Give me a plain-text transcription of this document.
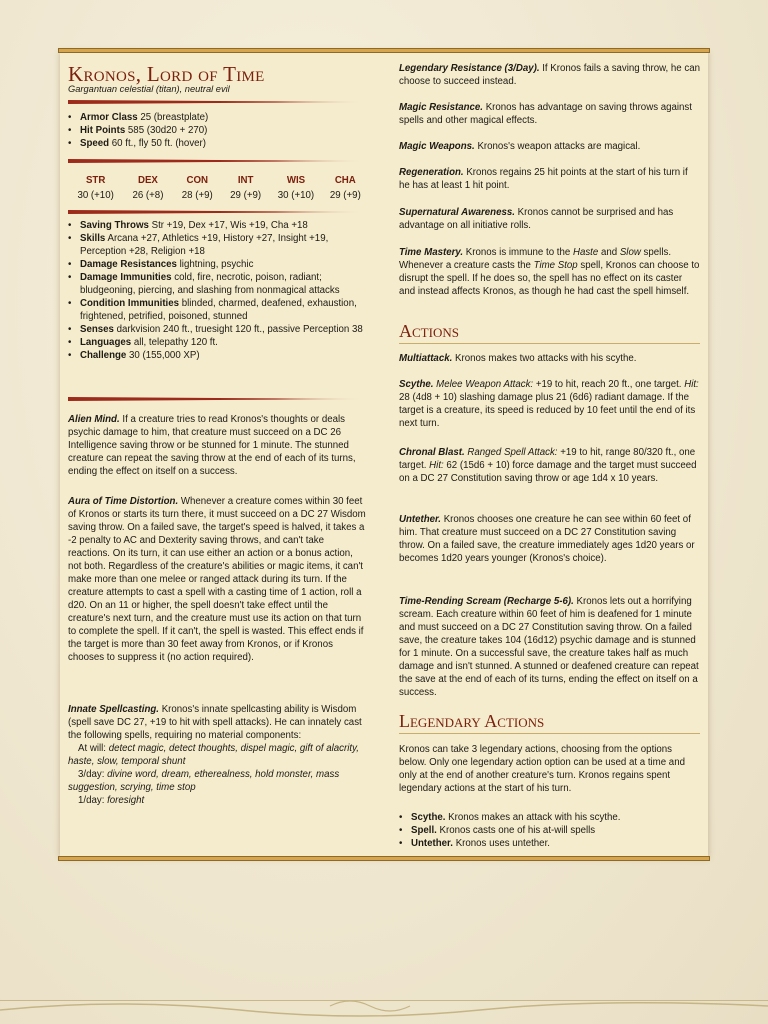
Kronos, Lord of Time
Gargantuan celestial (titan), neutral evil
• Armor Class 25 (breastplate)
• Hit Points 585 (30d20 + 270)
• Speed 60 ft., fly 50 ft. (hover)
STR	DEX	CON	INT	WIS	CHA
30 (+10)	26 (+8)	28 (+9)	29 (+9)	30 (+10)	29 (+9)
• Saving Throws Str +19, Dex +17, Wis +19, Cha +18
• Skills Arcana +27, Athletics +19, History +27, Insight +19, Perception +28, Religion +18
• Damage Resistances lightning, psychic
• Damage Immunities cold, fire, necrotic, poison, radiant; bludgeoning, piercing, and slashing from nonmagical attacks
• Condition Immunities blinded, charmed, deafened, exhaustion, frightened, petrified, poisoned, stunned
• Senses darkvision 240 ft., truesight 120 ft., passive Perception 38
• Languages all, telepathy 120 ft.
• Challenge 30 (155,000 XP)

Alien Mind. If a creature tries to read Kronos's thoughts or deals psychic damage to him, that creature must succeed on a DC 26 Intelligence saving throw or be stunned for 1 minute. The stunned creature can repeat the saving throw at the end of each of its turns, ending the effect on itself on a success.

Aura of Time Distortion. Whenever a creature comes within 30 feet of Kronos or starts its turn there, it must succeed on a DC 27 Wisdom saving throw. On a failed save, the target's speed is halved, it takes a -2 penalty to AC and Dexterity saving throws, and can't take reactions. On its turn, it can use either an action or a bonus action, not both. Regardless of the creature's abilities or magic items, it can't make more than one melee or ranged attack during its turn. If the creature attempts to cast a spell with a casting time of 1 action, roll a d20. On an 11 or higher, the spell doesn't take effect until the creature's next turn, and the creature must use its action on that turn to complete the spell. If it can't, the spell is wasted. This effect ends if the target is more than 30 feet away from Kronos, or if Kronos chooses to suppress it (no action required).

Innate Spellcasting. Kronos's innate spellcasting ability is Wisdom (spell save DC 27, +19 to hit with spell attacks). He can innately cast the following spells, requiring no material components:
At will: detect magic, detect thoughts, dispel magic, gift of alacrity, haste, slow, temporal shunt
3/day: divine word, dream, etherealness, hold monster, mass suggestion, scrying, time stop
1/day: foresight

Legendary Resistance (3/Day). If Kronos fails a saving throw, he can choose to succeed instead.

Magic Resistance. Kronos has advantage on saving throws against spells and other magical effects.

Magic Weapons. Kronos's weapon attacks are magical.

Regeneration. Kronos regains 25 hit points at the start of his turn if he has at least 1 hit point.

Supernatural Awareness. Kronos cannot be surprised and has advantage on all initiative rolls.

Time Mastery. Kronos is immune to the Haste and Slow spells. Whenever a creature casts the Time Stop spell, Kronos can choose to disrupt the spell. If he does so, the spell has no effect on its caster and instead affects Kronos, as though he had cast the spell himself.

Actions

Multiattack. Kronos makes two attacks with his scythe.

Scythe. Melee Weapon Attack: +19 to hit, reach 20 ft., one target. Hit: 28 (4d8 + 10) slashing damage plus 21 (6d6) radiant damage. If the target is a creature, its speed is reduced by 10 feet until the end of its next turn.

Chronal Blast. Ranged Spell Attack: +19 to hit, range 80/320 ft., one target. Hit: 62 (15d6 + 10) force damage and the target must succeed on a DC 27 Constitution saving throw or age 1d4 x 10 years.

Untether. Kronos chooses one creature he can see within 60 feet of him. That creature must succeed on a DC 27 Constitution saving throw. On a failed save, the creature immediately ages 1d20 years or becomes 1d20 years younger (Kronos's choice).

Time-Rending Scream (Recharge 5-6). Kronos lets out a horrifying scream. Each creature within 60 feet of him is deafened for 1 minute and must succeed on a DC 27 Constitution saving throw. On a failed save, the creature takes 104 (16d12) psychic damage and is stunned for 1 minute. On a successful save, the creature takes half as much damage and isn't stunned. A stunned or deafened creature can repeat the save at the end of each of its turns, ending the effect on itself on a success.

Legendary Actions

Kronos can take 3 legendary actions, choosing from the options below. Only one legendary action option can be used at a time and only at the end of another creature's turn. Kronos regains spent legendary actions at the start of his turn.

• Scythe. Kronos makes an attack with his scythe.
• Spell. Kronos casts one of his at-will spells
• Untether. Kronos uses untether.
